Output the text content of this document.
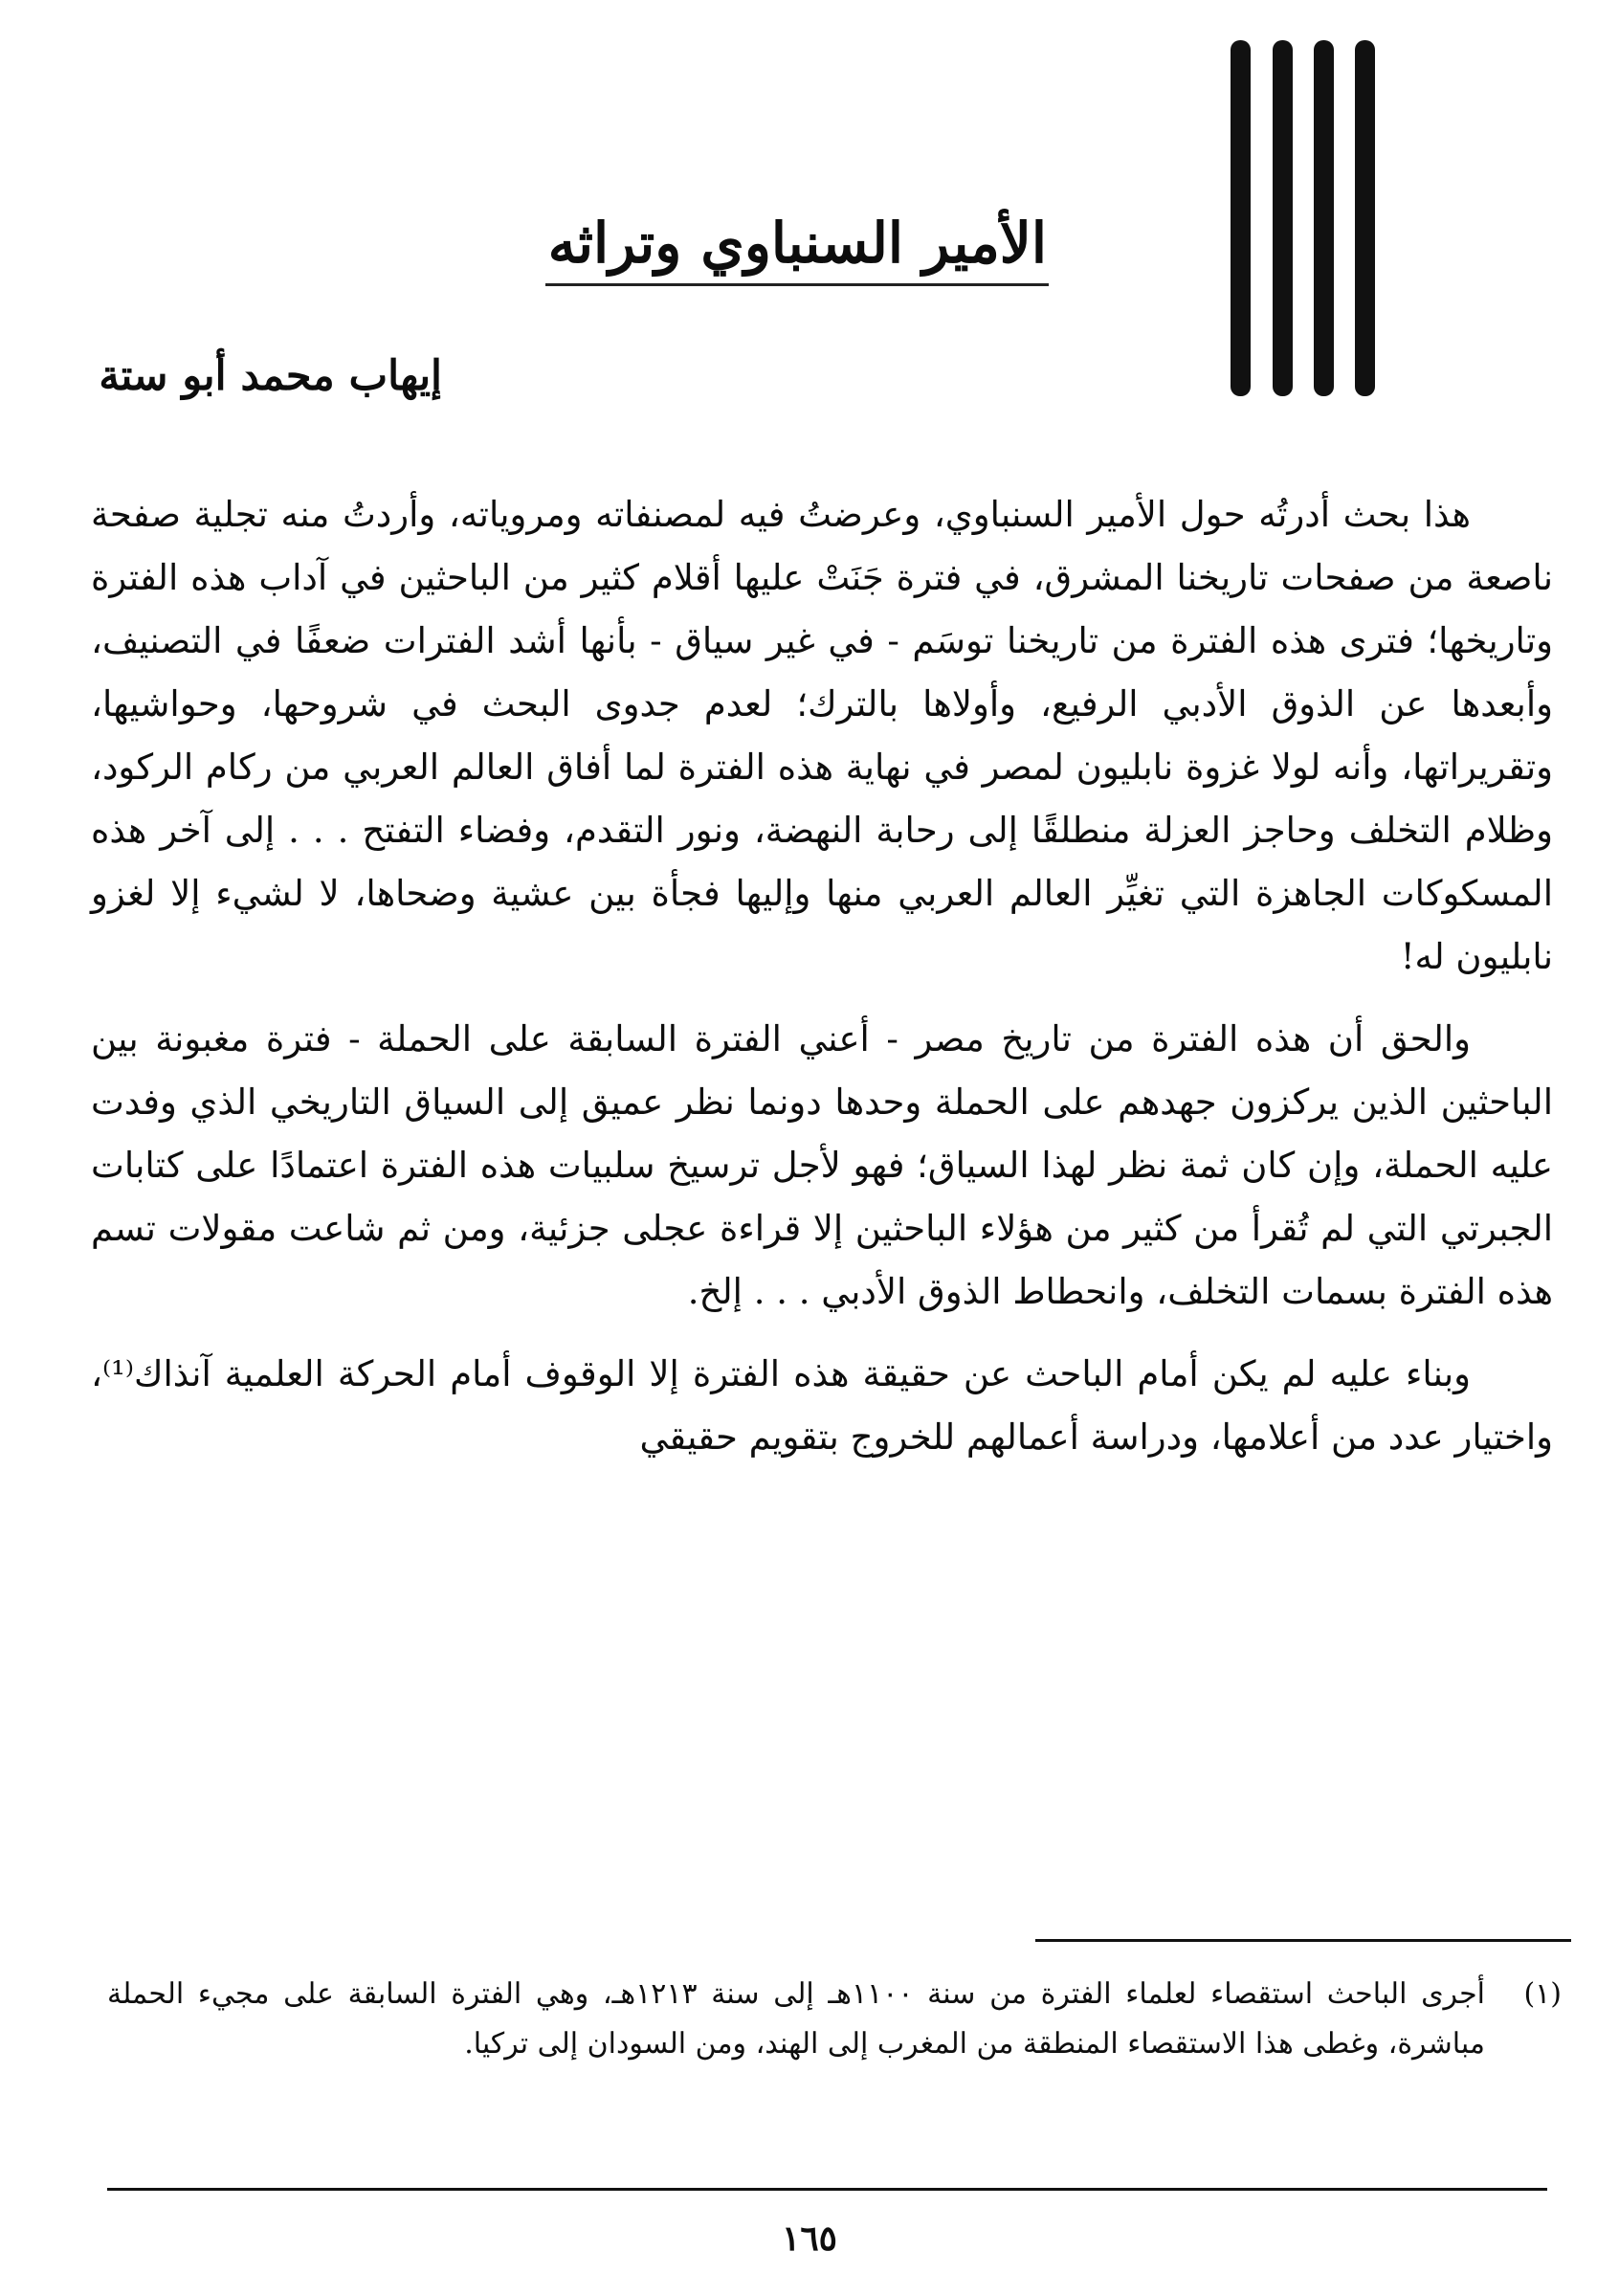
الأمير السنباوي وتراثه
إيهاب محمد أبو ستة

هذا بحث أدرتُه حول الأمير السنباوي، وعرضتُ فيه لمصنفاته ومروياته، وأردتُ منه تجلية صفحة ناصعة من صفحات تاريخنا المشرق، في فترة جَنَتْ عليها أقلام كثير من الباحثين في آداب هذه الفترة وتاريخها؛ فترى هذه الفترة من تاريخنا توسَم - في غير سياق - بأنها أشد الفترات ضعفًا في التصنيف، وأبعدها عن الذوق الأدبي الرفيع، وأولاها بالترك؛ لعدم جدوى البحث في شروحها، وحواشيها، وتقريراتها، وأنه لولا غزوة نابليون لمصر في نهاية هذه الفترة لما أفاق العالم العربي من ركام الركود، وظلام التخلف وحاجز العزلة منطلقًا إلى رحابة النهضة، ونور التقدم، وفضاء التفتح . . . إلى آخر هذه المسكوكات الجاهزة التي تغيِّر العالم العربي منها وإليها فجأة بين عشية وضحاها، لا لشيء إلا لغزو نابليون له!

والحق أن هذه الفترة من تاريخ مصر - أعني الفترة السابقة على الحملة - فترة مغبونة بين الباحثين الذين يركزون جهدهم على الحملة وحدها دونما نظر عميق إلى السياق التاريخي الذي وفدت عليه الحملة، وإن كان ثمة نظر لهذا السياق؛ فهو لأجل ترسيخ سلبيات هذه الفترة اعتمادًا على كتابات الجبرتي التي لم تُقرأ من كثير من هؤلاء الباحثين إلا قراءة عجلى جزئية، ومن ثم شاعت مقولات تسم هذه الفترة بسمات التخلف، وانحطاط الذوق الأدبي . . . إلخ.

وبناء عليه لم يكن أمام الباحث عن حقيقة هذه الفترة إلا الوقوف أمام الحركة العلمية آنذاك⁽¹⁾، واختيار عدد من أعلامها، ودراسة أعمالهم للخروج بتقويم حقيقي

(١)
أجرى الباحث استقصاء لعلماء الفترة من سنة ١١٠٠هـ إلى سنة ١٢١٣هـ، وهي الفترة السابقة على مجيء الحملة مباشرة، وغطى هذا الاستقصاء المنطقة من المغرب إلى الهند، ومن السودان إلى تركيا.
١٦٥
